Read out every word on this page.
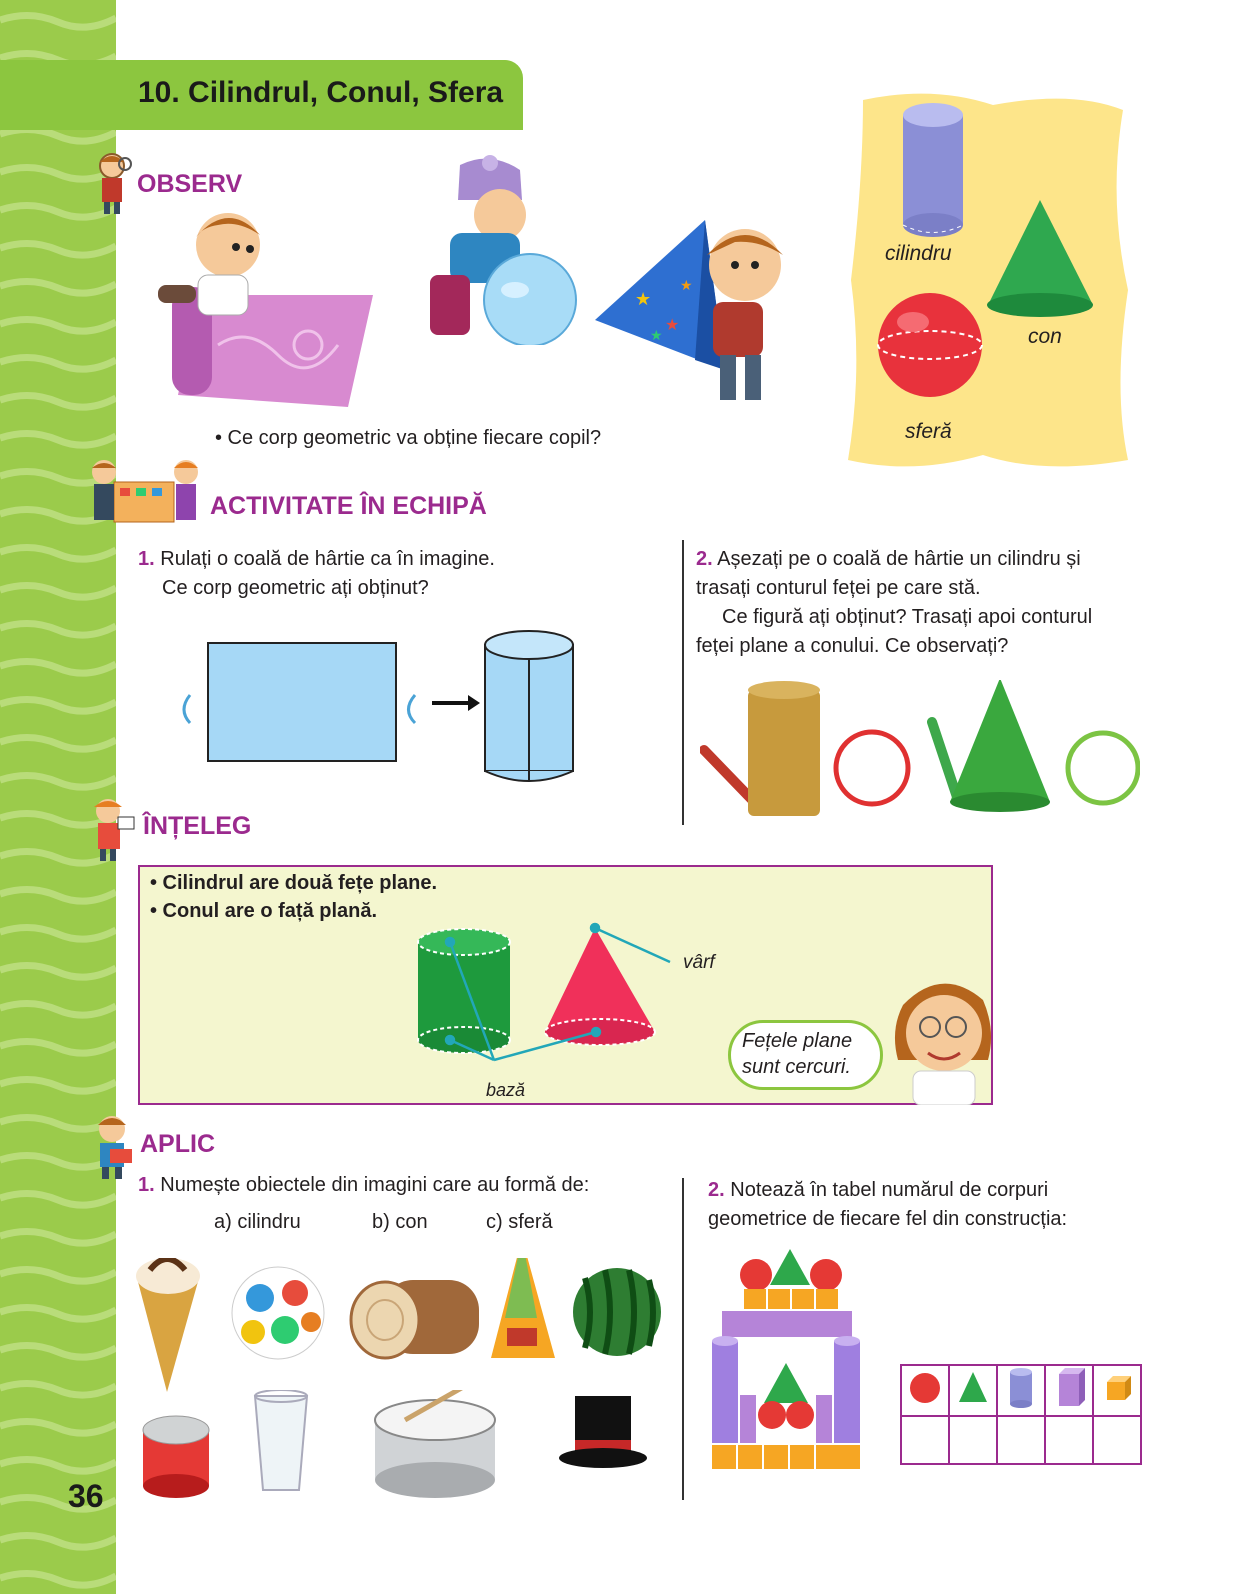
10. Cilindrul, Conul, Sfera
OBSERV
★
★
★
★
• Ce corp geometric va obține fiecare copil?
cilindru
con
sferă
ACTIVITATE ÎN ECHIPĂ
1. Rulați o coală de hârtie ca în imagine.
Ce corp geometric ați obținut?
2. Așezați pe o coală de hârtie un cilindru și
trasați conturul feței pe care stă.
Ce figură ați obținut? Trasați apoi conturul
feței plane a conului. Ce observați?
ÎNȚELEG
• Cilindrul are două fețe plane.
• Conul are o față plană.
vârf
bază
Fețele plane
sunt cercuri.
APLIC
1. Numește obiectele din imagini care au formă de:
a) cilindru	b) con	c) sferă
2. Notează în tabel numărul de corpuri
geometrice de fiecare fel din construcția:

36
